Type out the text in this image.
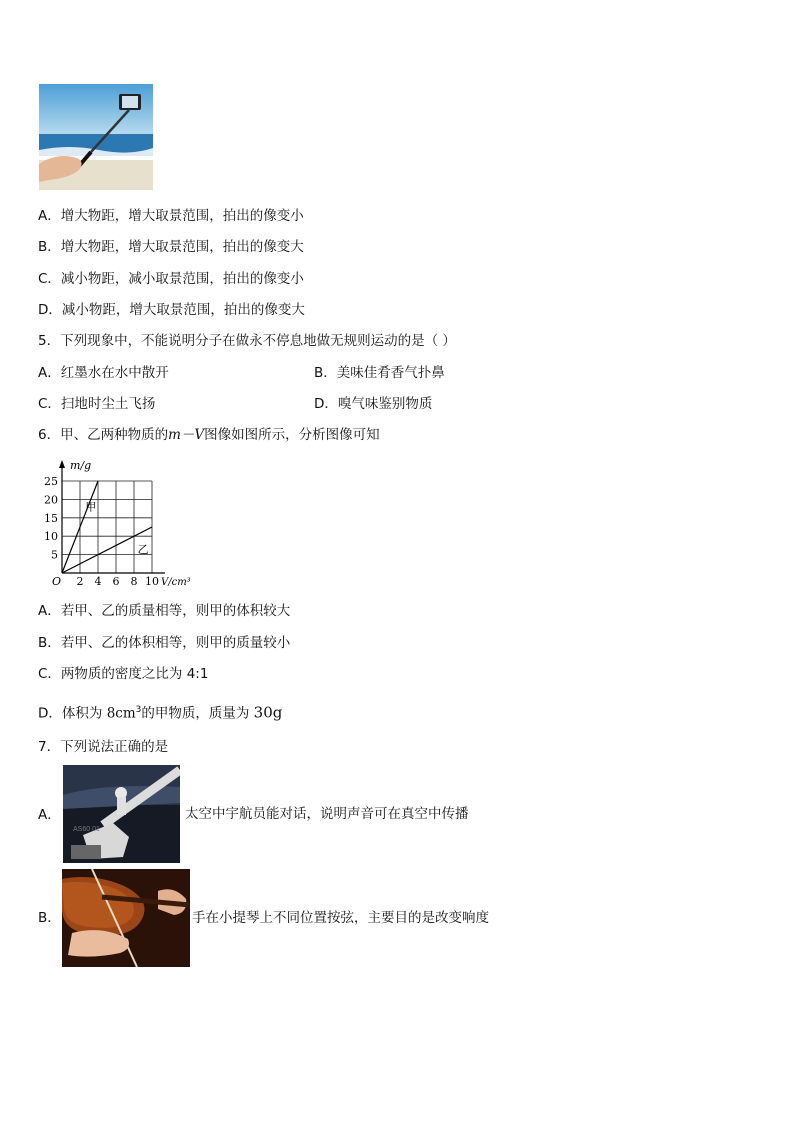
A．增大物距，增大取景范围，拍出的像变小
B．增大物距，增大取景范围，拍出的像变大
C．减小物距，减小取景范围，拍出的像变小
D．减小物距，增大取景范围，拍出的像变大
5．下列现象中，不能说明分子在做永不停息地做无规则运动的是（ ）
A．红墨水在水中散开	B．美味佳肴香气扑鼻
C．扫地时尘土飞扬	D．嗅气味鉴别物质
6．甲、乙两种物质的m－V图像如图所示，分析图像可知
甲
乙
5
10
15
20
25
2 4 6 8 10
O
m/g
V/cm³
A．若甲、乙的质量相等，则甲的体积较大
B．若甲、乙的体积相等，则甲的质量较小
C．两物质的密度之比为 4:1
D．体积为 $8cm^3$的甲物质，质量为 30g
7．下列说法正确的是
A．
AS60 01
太空中宇航员能对话，说明声音可在真空中传播
B．	手在小提琴上不同位置按弦，主要目的是改变响度
